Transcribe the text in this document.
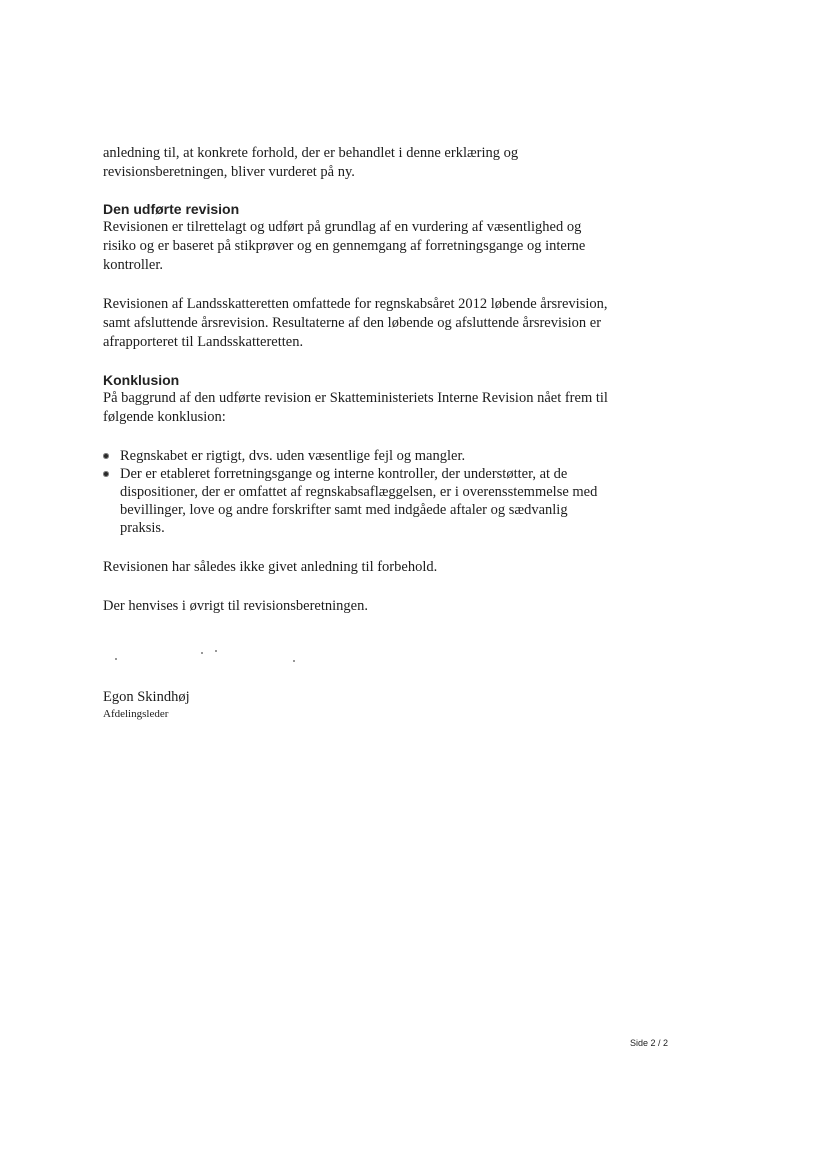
anledning til, at konkrete forhold, der er behandlet i denne erklæring og revisionsberetningen, bliver vurderet på ny.

Den udførte revision

Revisionen er tilrettelagt og udført på grundlag af en vurdering af væsentlighed og risiko og er baseret på stikprøver og en gennemgang af forretningsgange og interne kontroller.

Revisionen af Landsskatteretten omfattede for regnskabsåret 2012 løbende årsrevision, samt afsluttende årsrevision. Resultaterne af den løbende og afsluttende årsrevision er afrapporteret til Landsskatteretten.

Konklusion

På baggrund af den udførte revision er Skatteministeriets Interne Revision nået frem til følgende konklusion:

Regnskabet er rigtigt, dvs. uden væsentlige fejl og mangler.
Der er etableret forretningsgange og interne kontroller, der understøtter, at de dispositioner, der er omfattet af regnskabsaflæggelsen, er i overensstemmelse med bevillinger, love og andre forskrifter samt med indgåede aftaler og sædvanlig praksis.

Revisionen har således ikke givet anledning til forbehold.

Der henvises i øvrigt til revisionsberetningen.

Egon Skindhøj

Afdelingsleder

Side 2 / 2
